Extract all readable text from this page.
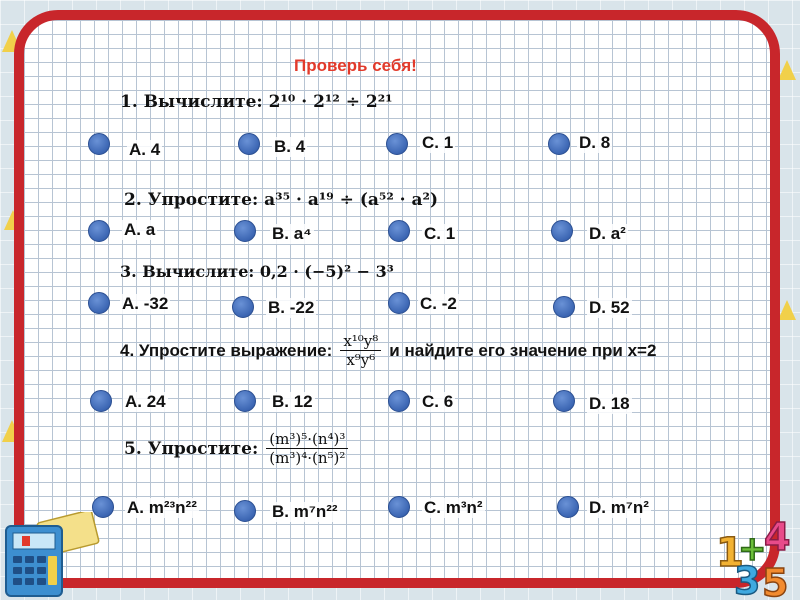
Проверь себя!
1. Вычислите: 2¹⁰ · 2¹² ÷ 2²¹
A. 4	B. 4	C. 1	D. 8
2. Упростите: a³⁵ · a¹⁹ ÷ (a⁵² · a²)
A. a	B. a⁴	C. 1	D. a²
3. Вычислите: 0,2 · (−5)² − 3³
A. -32	B. -22	C. -2	D. 52
4. Упростите выражение: $\frac{\text{x¹⁰y⁸}}{\text{x⁹y⁶}}$ и найдите его значение при x=2
A. 24	B. 12	C. 6	D. 18
5. Упростите: $\frac{\text{(m³)⁵·(n⁴)³}}{\text{(m³)⁴·(n⁵)²}}$
A. m²³n²²	B. m⁷n²²	C. m³n²	D. m⁷n²
1
+
4
3 5
